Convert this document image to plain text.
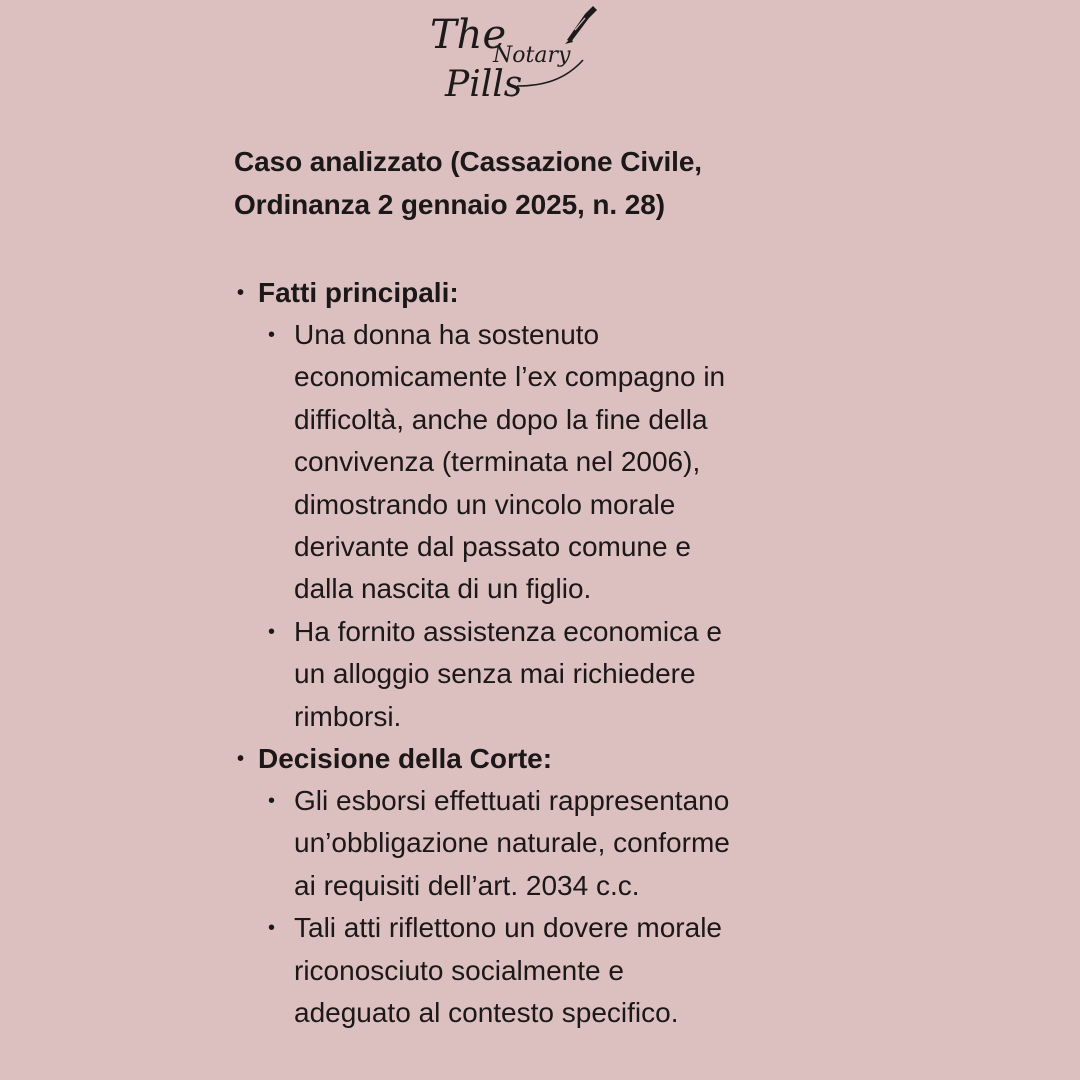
The
Notary
Pills
Caso analizzato (Cassazione Civile,
Ordinanza 2 gennaio 2025, n. 28)
• Fatti principali:
• Una donna ha sostenuto
economicamente l’ex compagno in
difficoltà, anche dopo la fine della
convivenza (terminata nel 2006),
dimostrando un vincolo morale
derivante dal passato comune e
dalla nascita di un figlio.
• Ha fornito assistenza economica e
un alloggio senza mai richiedere
rimborsi.
• Decisione della Corte:
• Gli esborsi effettuati rappresentano
un’obbligazione naturale, conforme
ai requisiti dell’art. 2034 c.c.
• Tali atti riflettono un dovere morale
riconosciuto socialmente e
adeguato al contesto specifico.
